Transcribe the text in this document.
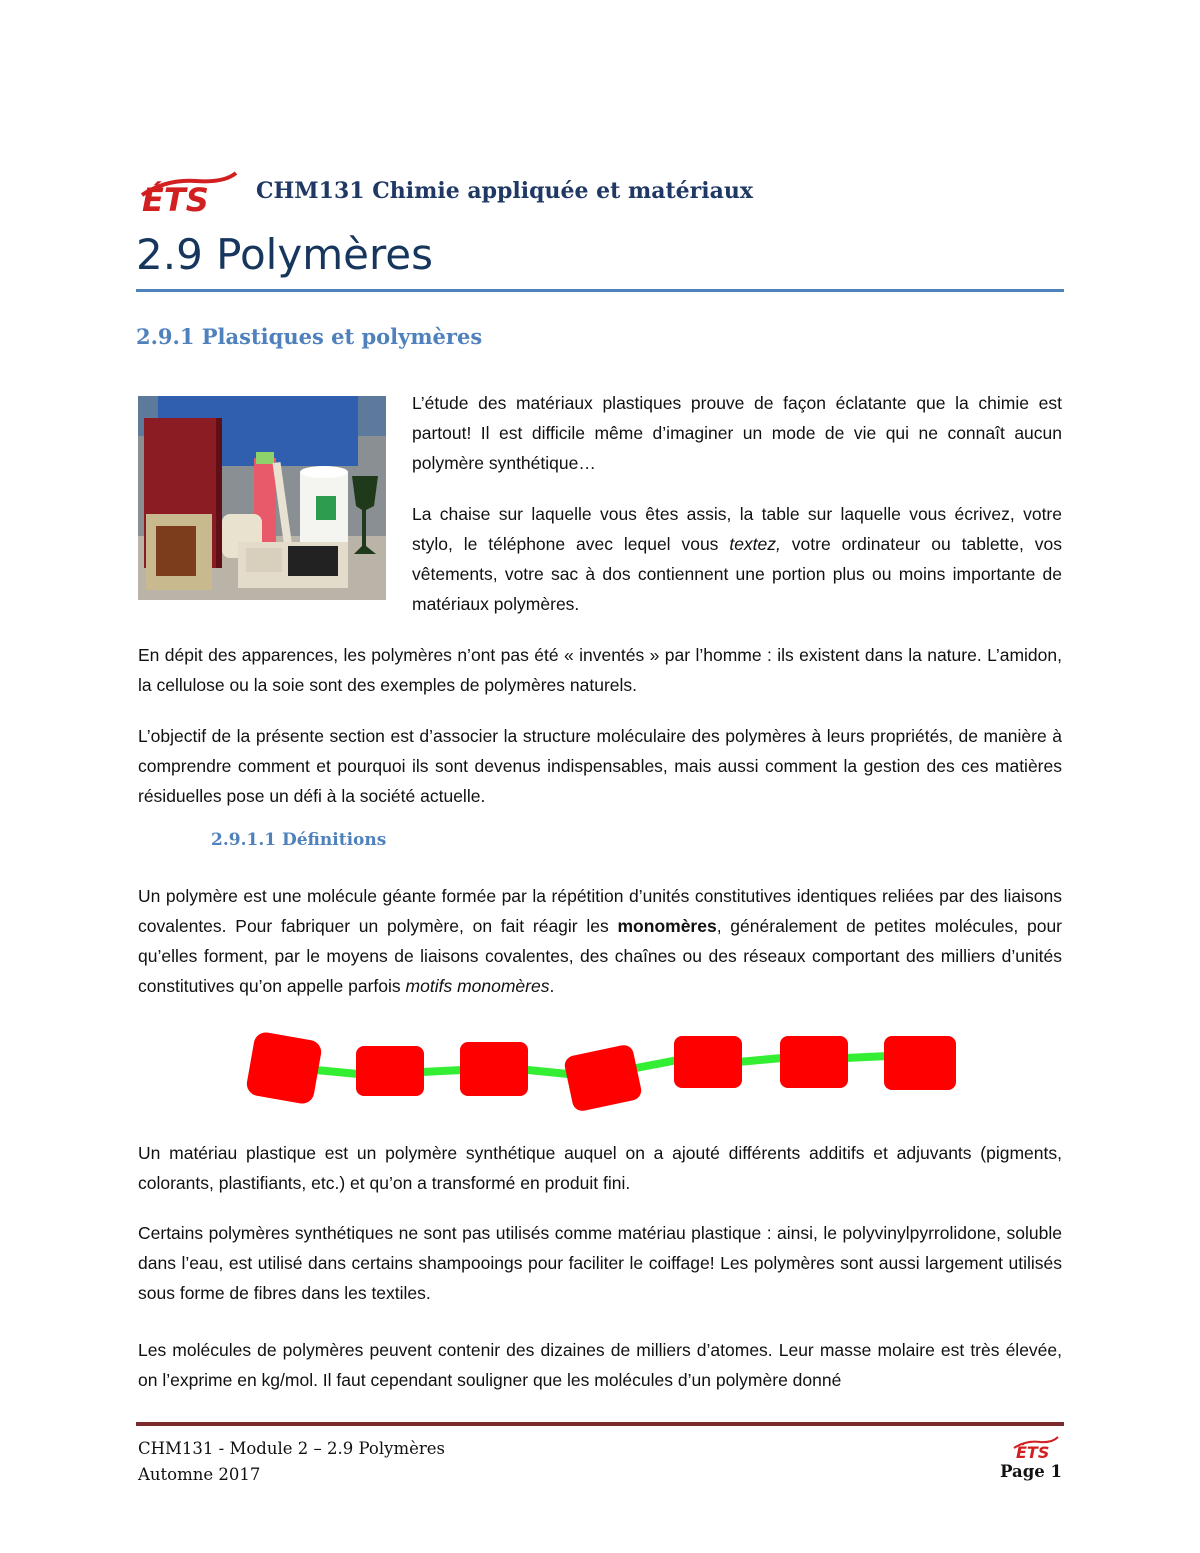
ÉTS CHM131 Chimie appliquée et matériaux
2.9 Polymères
2.9.1 Plastiques et polymères

L’étude des matériaux plastiques prouve de façon éclatante que la chimie est partout! Il est difficile même d’imaginer un mode de vie qui ne connaît aucun polymère synthétique…

La chaise sur laquelle vous êtes assis, la table sur laquelle vous écrivez, votre stylo, le téléphone avec lequel vous textez, votre ordinateur ou tablette, vos vêtements, votre sac à dos contiennent une portion plus ou moins importante de matériaux polymères.

En dépit des apparences, les polymères n’ont pas été « inventés » par l’homme : ils existent dans la nature. L’amidon, la cellulose ou la soie sont des exemples de polymères naturels.

L’objectif de la présente section est d’associer la structure moléculaire des polymères à leurs propriétés, de manière à comprendre comment et pourquoi ils sont devenus indispensables, mais aussi comment la gestion des ces matières résiduelles pose un défi à la société actuelle.

2.9.1.1 Définitions

Un polymère est une molécule géante formée par la répétition d’unités constitutives identiques reliées par des liaisons covalentes. Pour fabriquer un polymère, on fait réagir les monomères, généralement de petites molécules, pour qu’elles forment, par le moyens de liaisons covalentes, des chaînes ou des réseaux comportant des milliers d’unités constitutives qu’on appelle parfois motifs monomères.

Un matériau plastique est un polymère synthétique auquel on a ajouté différents additifs et adjuvants (pigments, colorants, plastifiants, etc.) et qu’on a transformé en produit fini.

Certains polymères synthétiques ne sont pas utilisés comme matériau plastique : ainsi, le polyvinylpyrrolidone, soluble dans l’eau, est utilisé dans certains shampooings pour faciliter le coiffage! Les polymères sont aussi largement utilisés sous forme de fibres dans les textiles.

Les molécules de polymères peuvent contenir des dizaines de milliers d’atomes. Leur masse molaire est très élevée, on l’exprime en kg/mol. Il faut cependant souligner que les molécules d’un polymère donné

CHM131 - Module 2 – 2.9 Polymères
Automne 2017
ÉTS
Page 1
